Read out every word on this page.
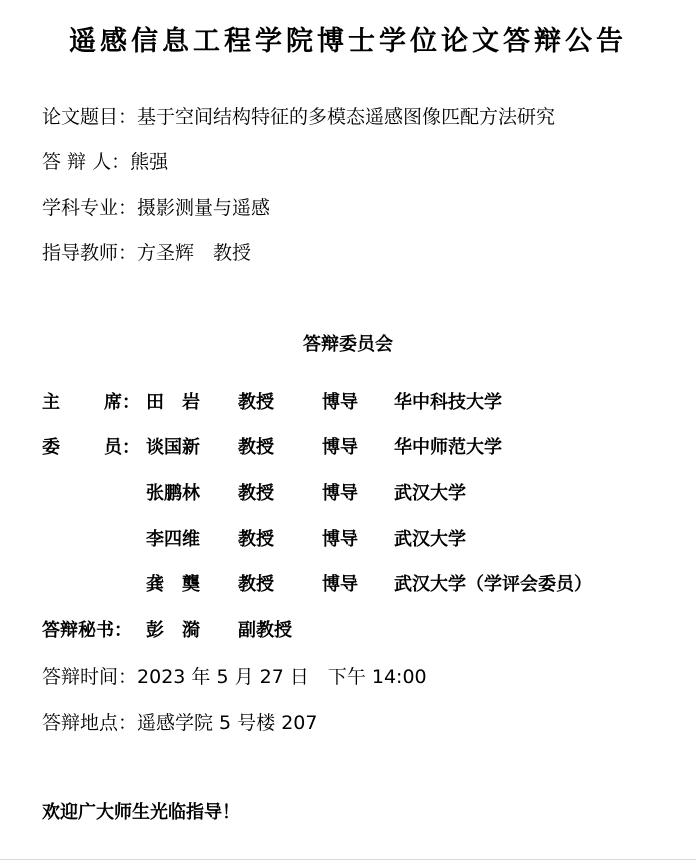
遥感信息工程学院博士学位论文答辩公告
论文题目：基于空间结构特征的多模态遥感图像匹配方法研究
答 辩 人：熊强
学科专业：摄影测量与遥感
指导教师：方圣辉　教授
答辩委员会
主 席： 田　岩 教授	博导 华中科技大学
委 员： 谈国新 教授	博导 华中师范大学
张鹏林 教授	博导 武汉大学
李四维 教授	博导 武汉大学
龚　龑 教授	博导 武汉大学（学评会委员）
答辩秘书： 彭　漪 副教授
答辩时间：2023 年 5 月 27 日　下午 14:00
答辩地点：遥感学院 5 号楼 207
欢迎广大师生光临指导！
